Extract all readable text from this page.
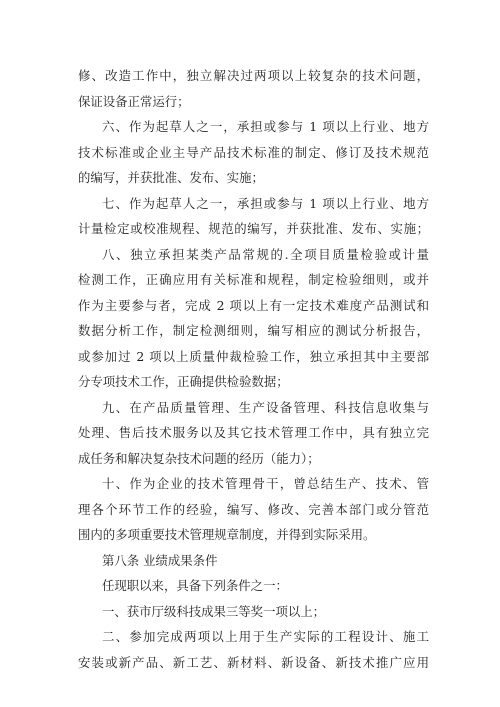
修、改造工作中，独立解决过两项以上较复杂的技术问题，
保证设备正常运行；
六、作为起草人之一，承担或参与 1 项以上行业、地方
技术标准或企业主导产品技术标准的制定、修订及技术规范
的编写，并获批准、发布、实施；
七、作为起草人之一，承担或参与 1 项以上行业、地方
计量检定或校准规程、规范的编写，并获批准、发布、实施；
八、独立承担某类产品常规的.全项目质量检验或计量
检测工作，正确应用有关标准和规程，制定检验细则，或并
作为主要参与者，完成 2 项以上有一定技术难度产品测试和
数据分析工作，制定检测细则，编写相应的测试分析报告，
或参加过 2 项以上质量仲裁检验工作，独立承担其中主要部
分专项技术工作，正确提供检验数据；
九、在产品质量管理、生产设备管理、科技信息收集与
处理、售后技术服务以及其它技术管理工作中，具有独立完
成任务和解决复杂技术问题的经历（能力）；
十、作为企业的技术管理骨干，曾总结生产、技术、管
理各个环节工作的经验，编写、修改、完善本部门或分管范
围内的多项重要技术管理规章制度，并得到实际采用。
第八条 业绩成果条件
任现职以来，具备下列条件之一：
一、获市厅级科技成果三等奖一项以上；
二、参加完成两项以上用于生产实际的工程设计、施工
安装或新产品、新工艺、新材料、新设备、新技术推广应用
